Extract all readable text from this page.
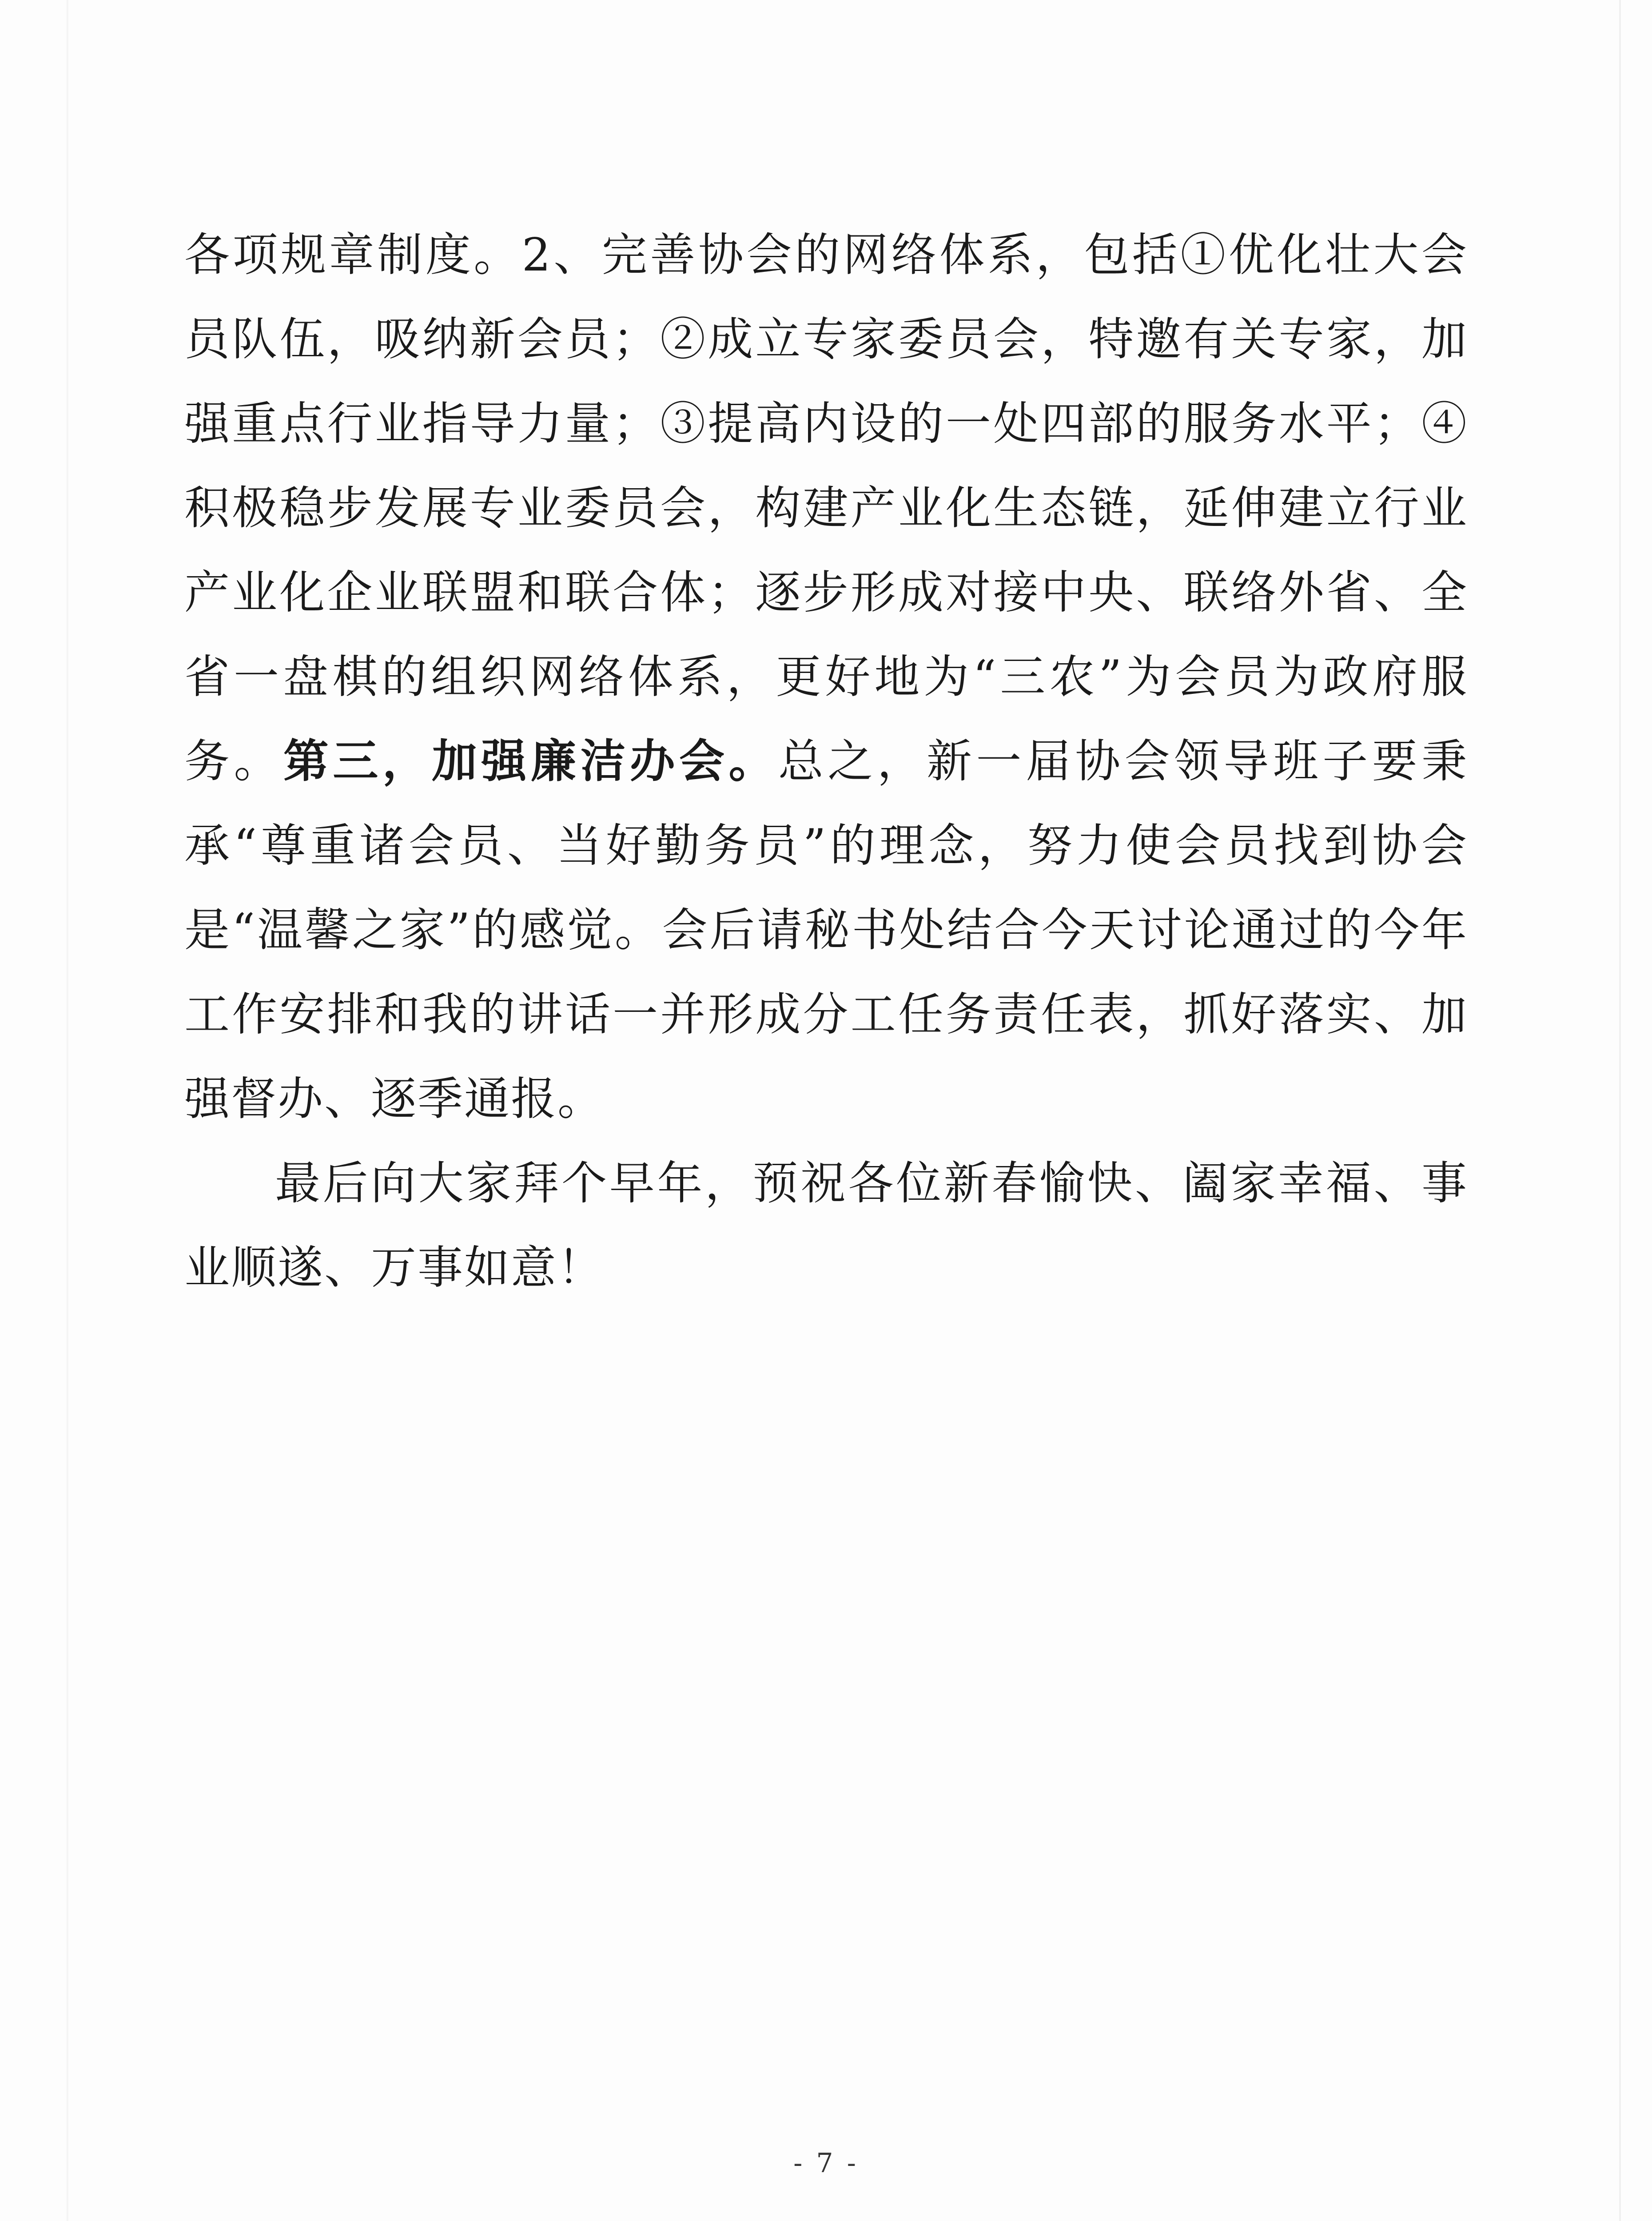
各项规章制度。2、完善协会的网络体系，包括①优化壮大会员队伍，吸纳新会员；②成立专家委员会，特邀有关专家，加强重点行业指导力量；③提高内设的一处四部的服务水平；④积极稳步发展专业委员会，构建产业化生态链，延伸建立行业产业化企业联盟和联合体；逐步形成对接中央、联络外省、全省一盘棋的组织网络体系，更好地为“三农”为会员为政府服务。第三，加强廉洁办会。总之，新一届协会领导班子要秉承“尊重诸会员、当好勤务员”的理念，努力使会员找到协会是“温馨之家”的感觉。会后请秘书处结合今天讨论通过的今年工作安排和我的讲话一并形成分工任务责任表，抓好落实、加强督办、逐季通报。

最后向大家拜个早年，预祝各位新春愉快、阖家幸福、事业顺遂、万事如意！

- 7 -
